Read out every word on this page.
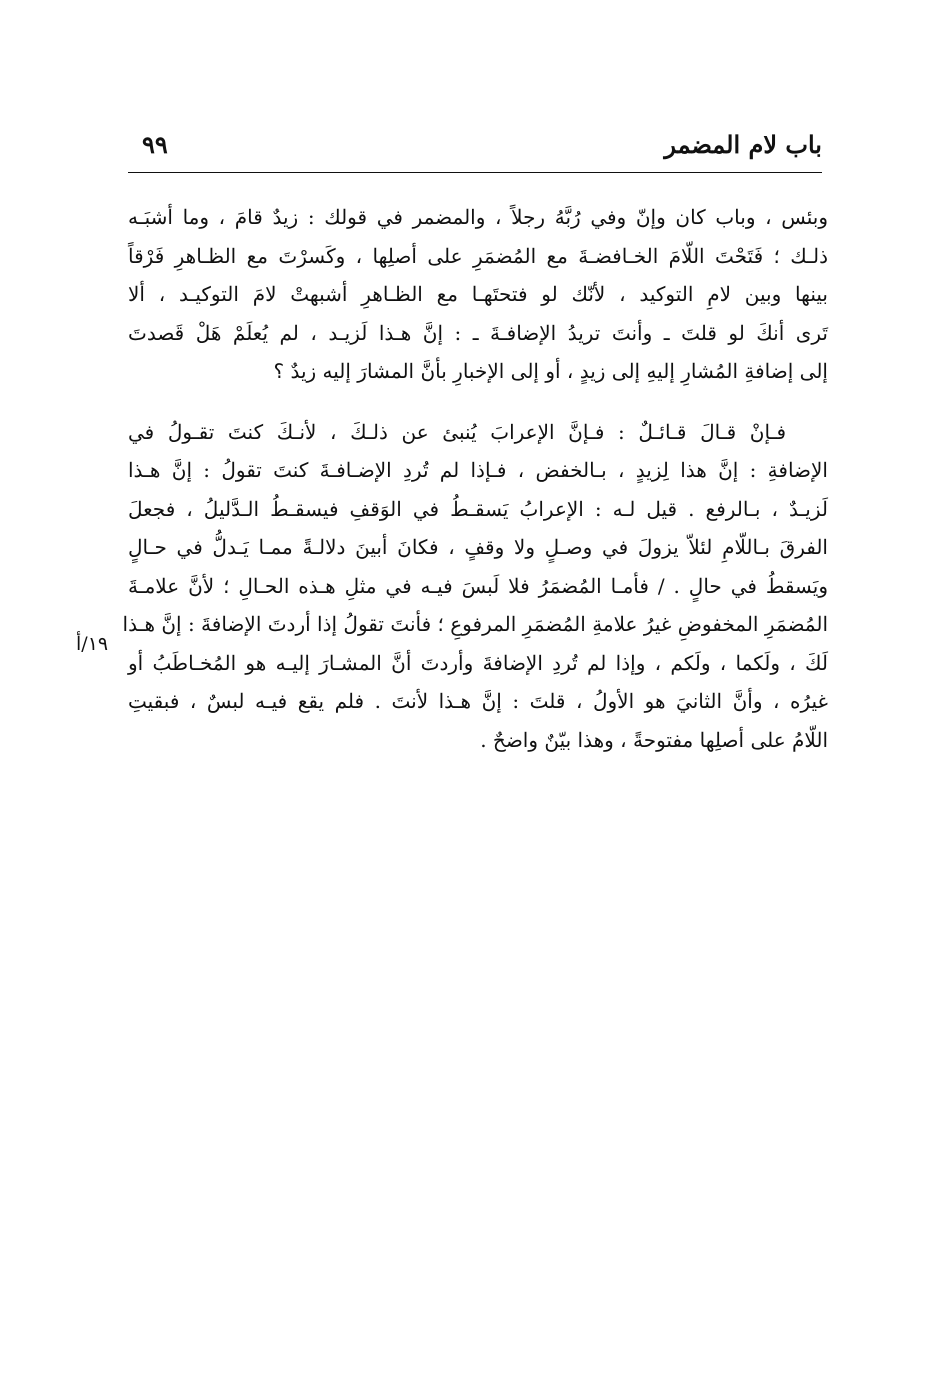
باب لام المضمر
٩٩
١٩/أ
وبئس ، وباب كان وإنّ وفي رُبَّهُ رجلاً ، والمضمر في قولك : زيدٌ قامَ ، وما أشبَـه
ذلـك ؛ فَتَحْتَ اللّامَ الخـافضـةَ مع المُضمَرِ على أصلِها ، وكَسرْتَ مع الظـاهرِ فَرْقاً
بينها وبين لامِ التوكيد ، لأنّك لو فتحتَهـا مع الظـاهرِ أشبهتْ لامَ التوكيـد ، ألا
تَرى أنكَ لو قلتَ ـ وأنتَ تريدُ الإضافـةَ ـ : إنَّ هـذا لَزيـد ، لم يُعلَمْ هَلْ قَصدتَ
إلى إضافةِ المُشارِ إليهِ إلى زيدٍ ، أو إلى الإخبارِ بأنَّ المشارَ إليه زيدٌ ؟
فـإنْ قـالَ قـائـلٌ : فـإنَّ الإعرابَ يُنبئ عن ذلـكَ ، لأنـكَ كنتَ تقـولُ في
الإضافةِ : إنَّ هذا لِزيدٍ ، بـالخفض ، فـإذا لم تُردِ الإضـافـةَ كنتَ تقولُ : إنَّ هـذا
لَزيـدٌ ، بـالرفع . قيل لـه : الإعرابُ يَسقـطُ في الوَقفِ فيسقـطُ الـدَّليلُ ، فجعلَ
الفرقَ بـاللّامِ لئلاّ يزولَ في وصـلٍ ولا وقفٍ ، فكانَ أبينَ دلالـةً ممـا يَـدلُّ في حـالٍ
ويَسقطُ في حالٍ . / فأمـا المُضمَرُ فلا لَبسَ فيـه في مثلِ هـذه الحـالِ ؛ لأنَّ علامـةَ
المُضمَرِ المخفوضِ غيرُ علامةِ المُضمَرِ المرفوعِ ؛ فأنتَ تقولُ إذا أردتَ الإضافةَ : إنَّ هـذا
لَكَ ، ولَكما ، ولَكم ، وإذا لم تُردِ الإضافةَ وأردتَ أنَّ المشـارَ إليـه هو المُخـاطَبُ أو
غيرُه ، وأنَّ الثانيَ هو الأولُ ، قلتَ : إنَّ هـذا لأنتَ . فلم يقع فيـه لبسٌ ، فبقيتِ
اللّامُ على أصلِها مفتوحةً ، وهذا بيّنٌ واضحٌ .
